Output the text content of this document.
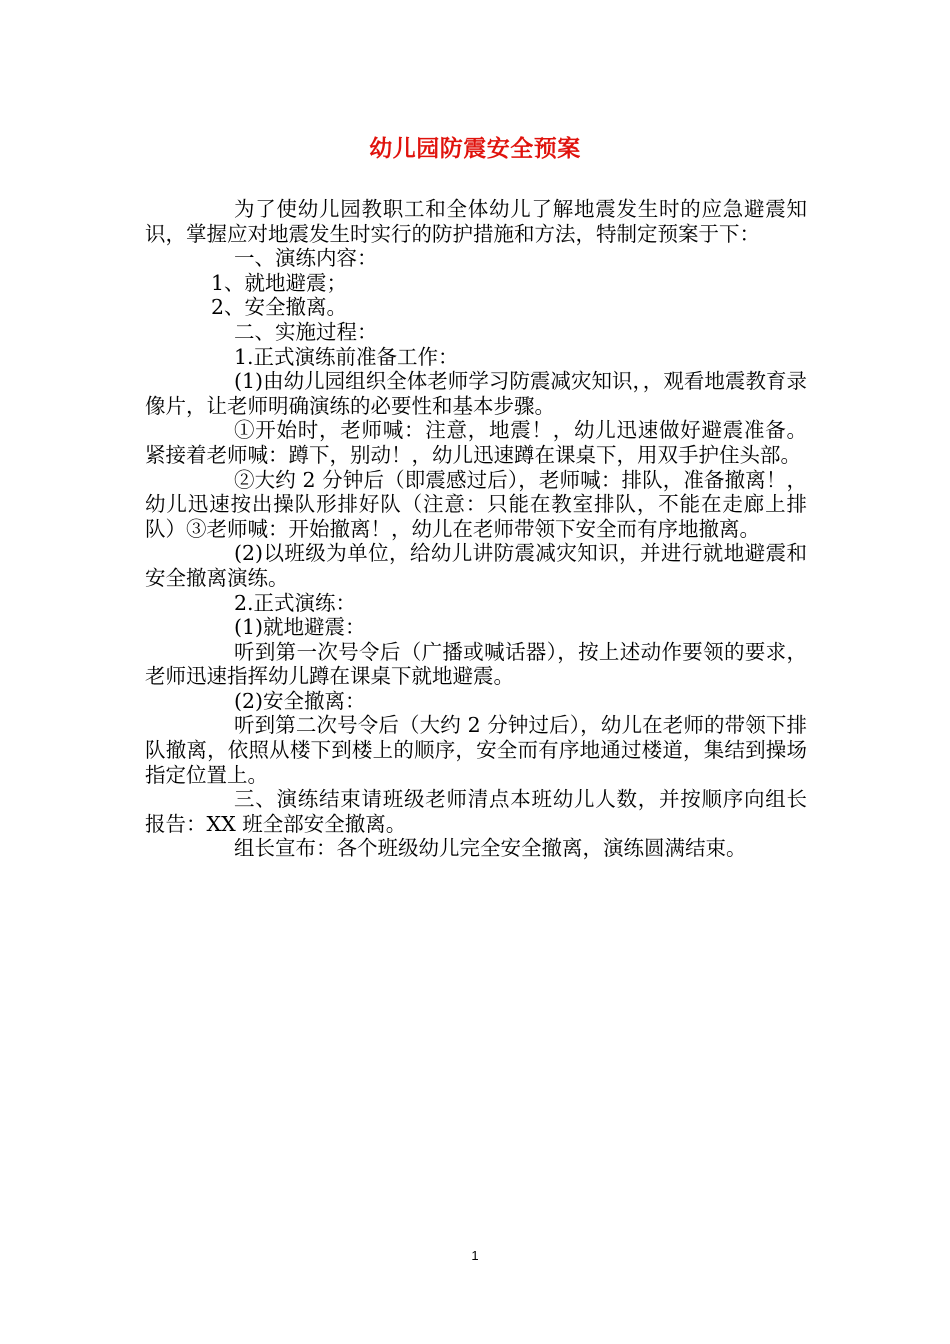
幼儿园防震安全预案

为了使幼儿园教职工和全体幼儿了解地震发生时的应急避震知识，掌握应对地震发生时实行的防护措施和方法，特制定预案于下：

一、演练内容：

1、就地避震；

2、安全撤离。

二、实施过程：

1.正式演练前准备工作：

(1)由幼儿园组织全体老师学习防震减灾知识，，观看地震教育录像片，让老师明确演练的必要性和基本步骤。

①开始时，老师喊：注意，地震！，幼儿迅速做好避震准备。紧接着老师喊：蹲下，别动！，幼儿迅速蹲在课桌下，用双手护住头部。

②大约 2 分钟后（即震感过后），老师喊：排队，准备撤离！，幼儿迅速按出操队形排好队（注意：只能在教室排队，不能在走廊上排队）③老师喊：开始撤离！，幼儿在老师带领下安全而有序地撤离。

(2)以班级为单位，给幼儿讲防震减灾知识，并进行就地避震和安全撤离演练。

2.正式演练：

(1)就地避震：

听到第一次号令后（广播或喊话器），按上述动作要领的要求，老师迅速指挥幼儿蹲在课桌下就地避震。

(2)安全撤离：

听到第二次号令后（大约 2 分钟过后），幼儿在老师的带领下排队撤离，依照从楼下到楼上的顺序，安全而有序地通过楼道，集结到操场指定位置上。

三、演练结束请班级老师清点本班幼儿人数，并按顺序向组长报告：XX 班全部安全撤离。

组长宣布：各个班级幼儿完全安全撤离，演练圆满结束。

1
